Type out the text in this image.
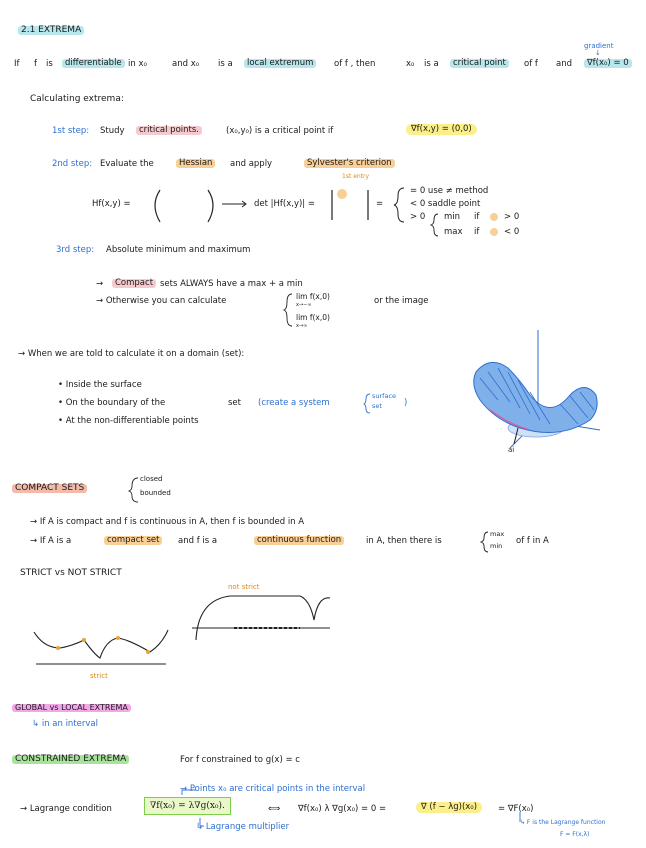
2.1 EXTREMA
If f is	differentiable in x₀	and x₀ is a	local extremum	of f , then	x₀ is a	critical point	of f and
gradient
↓
∇f(x₀) = 0
Calculating extrema:
1st step: Study	critical points.	(x₀,y₀) is a critical point if	∇f(x,y) = (0,0)
2nd step: Evaluate the	Hessian	and apply	Sylvester's criterion
1st entry
Hf(x,y) =	det |Hf(x,y)| =	=
= 0 use ≠ method
< 0 saddle point
> 0 min
max
if
if
> 0
< 0
3rd step: Absolute minimum and maximum
→	Compact sets ALWAYS have a max + a min
→ Otherwise you can calculate	lim f(x,0)
x→−∞
lim f(x,0)
x→∞
or the image
→ When we are told to calculate it on a domain (set):
• Inside the surface
• On the boundary of the	set (create a system
surface
set	)
• At the non-differentiable points
COMPACT SETS
closed
bounded
→ If A is compact and f is continuous in A, then f is bounded in A
→ If A is a	compact set	and f is a	continuous function	in A, then there is
max
min of f in A
STRICT vs NOT STRICT
not strict
strict
GLOBAL vs LOCAL EXTREMA
↳ in an interval
CONSTRAINED EXTREMA	For f constrained to g(x) = c
→ Points x₀ are critical points in the interval
→ Lagrange condition	∇f(x₀) = λ∇g(x₀).	⟺ ∇f(x₀) λ ∇g(x₀) = 0 =	∇ (f − λg)(x₀)	= ∇F(x₀)
↳ Lagrange multiplier	↳ F is the Lagrange function
F = F(x,λ)
ai
